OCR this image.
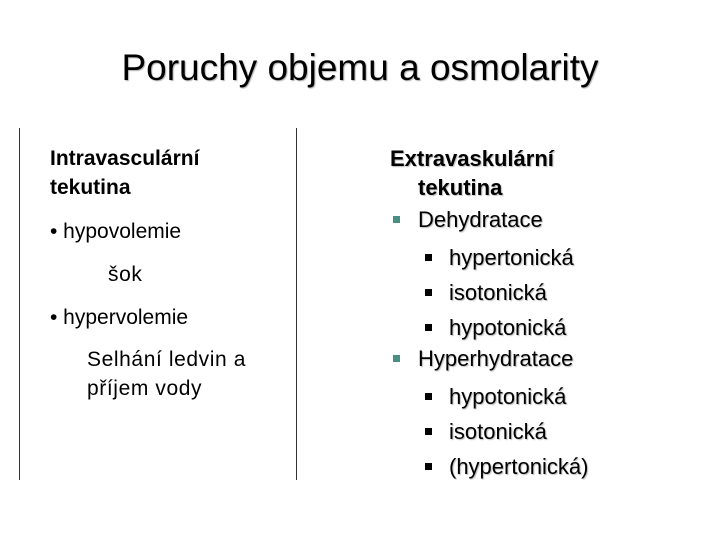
Poruchy objemu a osmolarity
Intravasculární
tekutina
• hypovolemie
šok
• hypervolemie
Selhání ledvin a
příjem vody
Extravaskulární
tekutina
Dehydratace
hypertonická
isotonická
hypotonická
Hyperhydratace
hypotonická
isotonická
(hypertonická)
